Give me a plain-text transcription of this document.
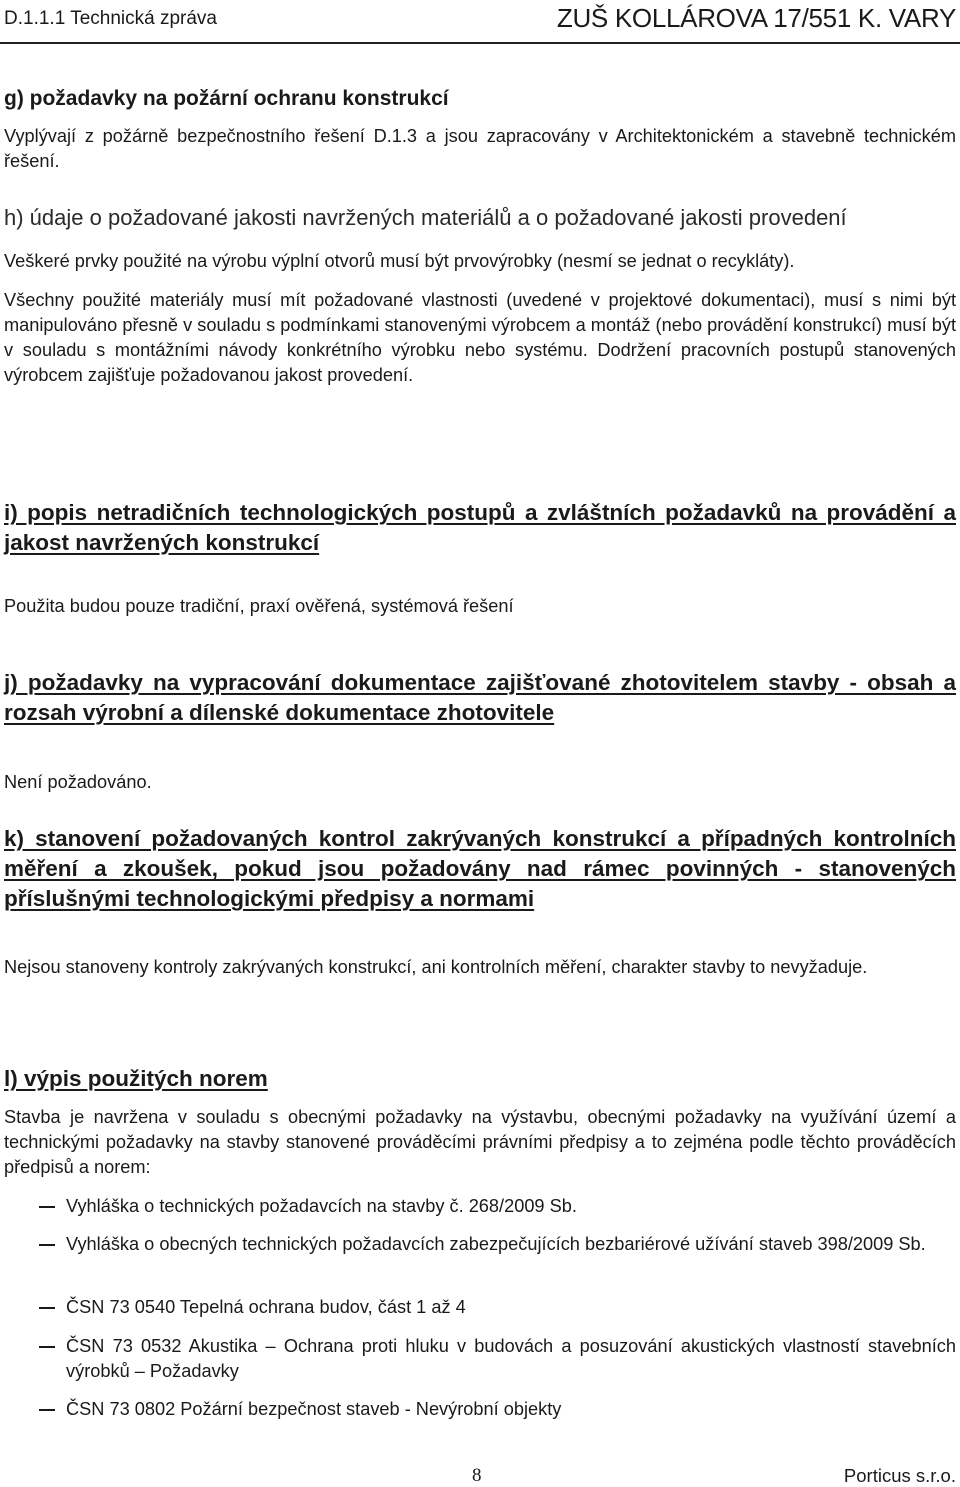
D.1.1.1 Technická zpráva	ZUŠ KOLLÁROVA 17/551 K. VARY

g) požadavky na požární ochranu konstrukcí

Vyplývají z požárně bezpečnostního řešení D.1.3 a jsou zapracovány v Architektonickém a stavebně technickém řešení.

h) údaje o požadované jakosti navržených materiálů a o požadované jakosti provedení

Veškeré prvky použité na výrobu výplní otvorů musí být prvovýrobky (nesmí se jednat o recykláty).

Všechny použité materiály musí mít požadované vlastnosti (uvedené v projektové dokumentaci), musí s nimi být manipulováno přesně v souladu s podmínkami stanovenými výrobcem a montáž (nebo provádění konstrukcí) musí být v souladu s montážními návody konkrétního výrobku nebo systému. Dodržení pracovních postupů stanovených výrobcem zajišťuje požadovanou jakost provedení.

i) popis netradičních technologických postupů a zvláštních požadavků na provádění a jakost navržených konstrukcí

Použita budou pouze tradiční, praxí ověřená, systémová řešení

j) požadavky na vypracování dokumentace zajišťované zhotovitelem stavby - obsah a rozsah výrobní a dílenské dokumentace zhotovitele

Není požadováno.

k) stanovení požadovaných kontrol zakrývaných konstrukcí a případných kontrolních měření a zkoušek, pokud jsou požadovány nad rámec povinných - stanovených příslušnými technologickými předpisy a normami

Nejsou stanoveny kontroly zakrývaných konstrukcí, ani kontrolních měření, charakter stavby to nevyžaduje.

l) výpis použitých norem

Stavba je navržena v souladu s obecnými požadavky na výstavbu, obecnými požadavky na využívání území a technickými požadavky na stavby stanovené prováděcími právními předpisy a to zejména podle těchto prováděcích předpisů a norem:

Vyhláška o technických požadavcích na stavby č. 268/2009 Sb.
Vyhláška o obecných technických požadavcích zabezpečujících bezbariérové užívání staveb 398/2009 Sb.
ČSN 73 0540 Tepelná ochrana budov, část 1 až 4
ČSN 73 0532 Akustika – Ochrana proti hluku v budovách a posuzování akustických vlastností stavebních výrobků – Požadavky
ČSN 73 0802 Požární bezpečnost staveb - Nevýrobní objekty
8	Porticus s.r.o.
